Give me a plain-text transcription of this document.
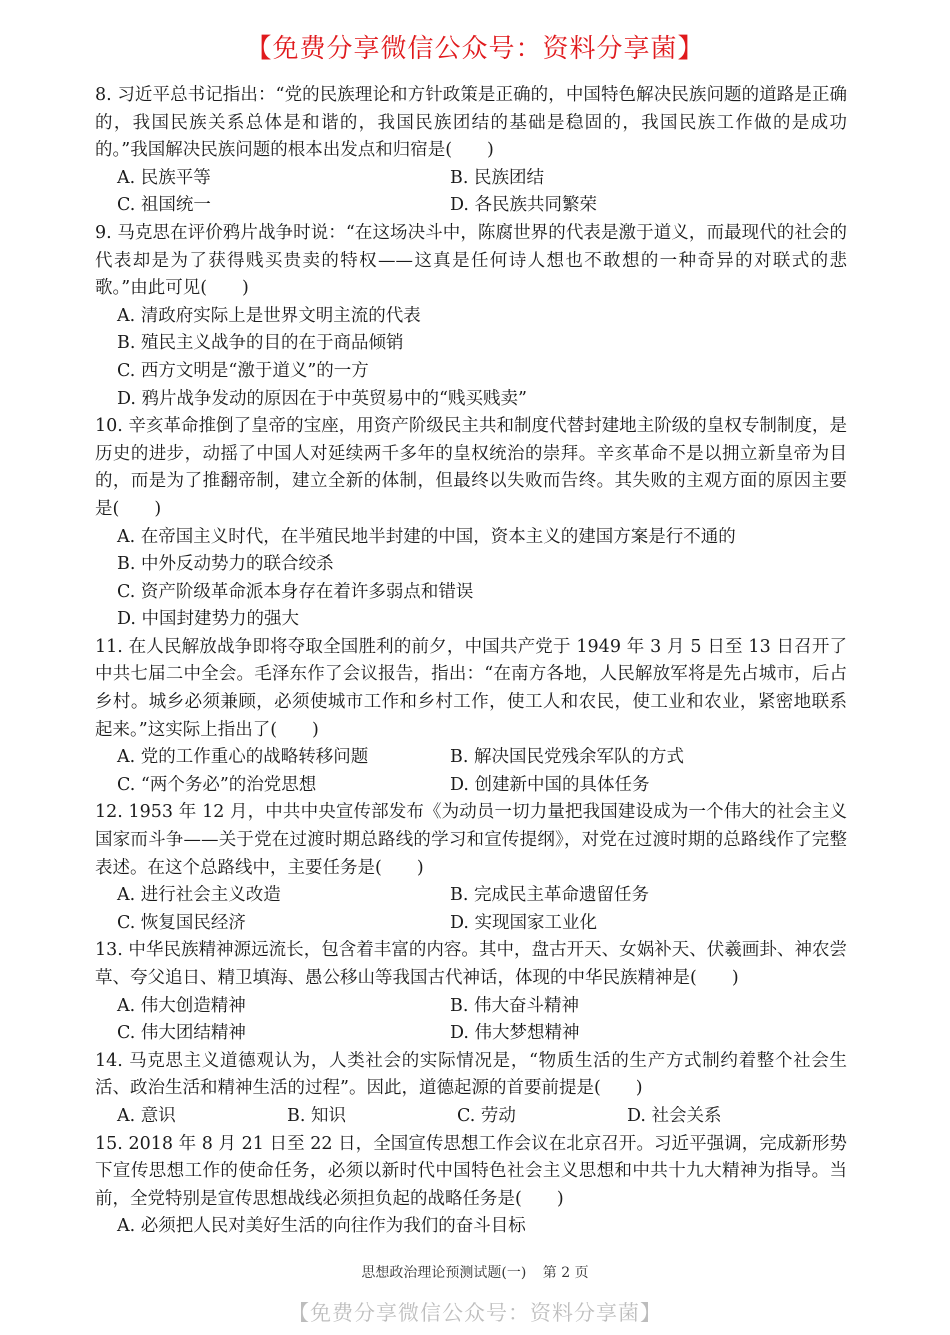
【免费分享微信公众号：资料分享菌】
8. 习近平总书记指出：“党的民族理论和方针政策是正确的，中国特色解决民族问题的道路是正确的，我国民族关系总体是和谐的，我国民族团结的基础是稳固的，我国民族工作做的是成功的。”我国解决民族问题的根本出发点和归宿是(　　)
A. 民族平等	B. 民族团结
C. 祖国统一	D. 各民族共同繁荣
9. 马克思在评价鸦片战争时说：“在这场决斗中，陈腐世界的代表是激于道义，而最现代的社会的代表却是为了获得贱买贵卖的特权——这真是任何诗人想也不敢想的一种奇异的对联式的悲歌。”由此可见(　　)
A. 清政府实际上是世界文明主流的代表
B. 殖民主义战争的目的在于商品倾销
C. 西方文明是“激于道义”的一方
D. 鸦片战争发动的原因在于中英贸易中的“贱买贱卖”
10. 辛亥革命推倒了皇帝的宝座，用资产阶级民主共和制度代替封建地主阶级的皇权专制制度，是历史的进步，动摇了中国人对延续两千多年的皇权统治的崇拜。辛亥革命不是以拥立新皇帝为目的，而是为了推翻帝制，建立全新的体制，但最终以失败而告终。其失败的主观方面的原因主要是(　　)
A. 在帝国主义时代，在半殖民地半封建的中国，资本主义的建国方案是行不通的
B. 中外反动势力的联合绞杀
C. 资产阶级革命派本身存在着许多弱点和错误
D. 中国封建势力的强大
11. 在人民解放战争即将夺取全国胜利的前夕，中国共产党于 1949 年 3 月 5 日至 13 日召开了中共七届二中全会。毛泽东作了会议报告，指出：“在南方各地，人民解放军将是先占城市，后占乡村。城乡必须兼顾，必须使城市工作和乡村工作，使工人和农民，使工业和农业，紧密地联系起来。”这实际上指出了(　　)
A. 党的工作重心的战略转移问题	B. 解决国民党残余军队的方式
C. “两个务必”的治党思想	D. 创建新中国的具体任务
12. 1953 年 12 月，中共中央宣传部发布《为动员一切力量把我国建设成为一个伟大的社会主义国家而斗争——关于党在过渡时期总路线的学习和宣传提纲》，对党在过渡时期的总路线作了完整表述。在这个总路线中，主要任务是(　　)
A. 进行社会主义改造	B. 完成民主革命遗留任务
C. 恢复国民经济	D. 实现国家工业化
13. 中华民族精神源远流长，包含着丰富的内容。其中，盘古开天、女娲补天、伏羲画卦、神农尝草、夸父追日、精卫填海、愚公移山等我国古代神话，体现的中华民族精神是(　　)
A. 伟大创造精神	B. 伟大奋斗精神
C. 伟大团结精神	D. 伟大梦想精神
14. 马克思主义道德观认为，人类社会的实际情况是，“物质生活的生产方式制约着整个社会生活、政治生活和精神生活的过程”。因此，道德起源的首要前提是(　　)
A. 意识	B. 知识	C. 劳动	D. 社会关系
15. 2018 年 8 月 21 日至 22 日，全国宣传思想工作会议在北京召开。习近平强调，完成新形势下宣传思想工作的使命任务，必须以新时代中国特色社会主义思想和中共十九大精神为指导。当前，全党特别是宣传思想战线必须担负起的战略任务是(　　)
A. 必须把人民对美好生活的向往作为我们的奋斗目标
思想政治理论预测试题(一) 第 2 页
【免费分享微信公众号：资料分享菌】
